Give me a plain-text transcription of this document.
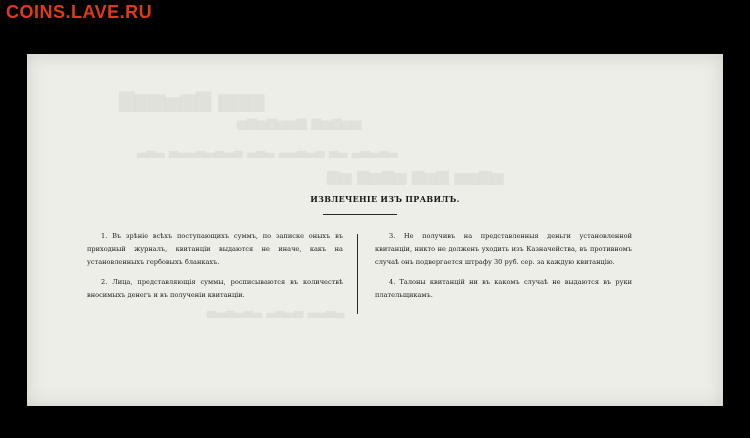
COINS.LAVE.RU
▆▆▆ ▇▆▅▆▆▇
▅▅▆▅▆ ▆▅▅▆▅▆▅
▃▄▃▄▃ ▃▄ ▄▃▄▃▃ ▃▄▃ ▄▃▄▃▄▃▃▄ ▃▄▃
▅▆▅▅ ▆▅▆ ▅▆▅▆ ▅▆
▃▄▃▃ ▄▃▄▃ ▃▄▃▄▃▄
ИЗВЛЕЧЕНІЕ ИЗЪ ПРАВИЛЪ.

1. Въ зрѣніе всѣхъ поступающихъ суммъ, по записке оныхъ въ приходный журналъ, квитанціи выдаются не иначе, какъ на установленныхъ гербовыхъ бланкахъ.

2. Лица, представляющія суммы, росписываются въ количествѣ вносимыхъ денегъ и въ полученіи квитанціи.

3. Не получивъ на представленныя деньги установленной квитанціи, никто не долженъ уходить изъ Казначейства, въ противномъ случаѣ онъ подвергается штрафу 30 руб. сер. за каждую квитанцію.

4. Талоны квитанцій ни въ какомъ случаѣ не выдаются въ руки плательщикамъ.
